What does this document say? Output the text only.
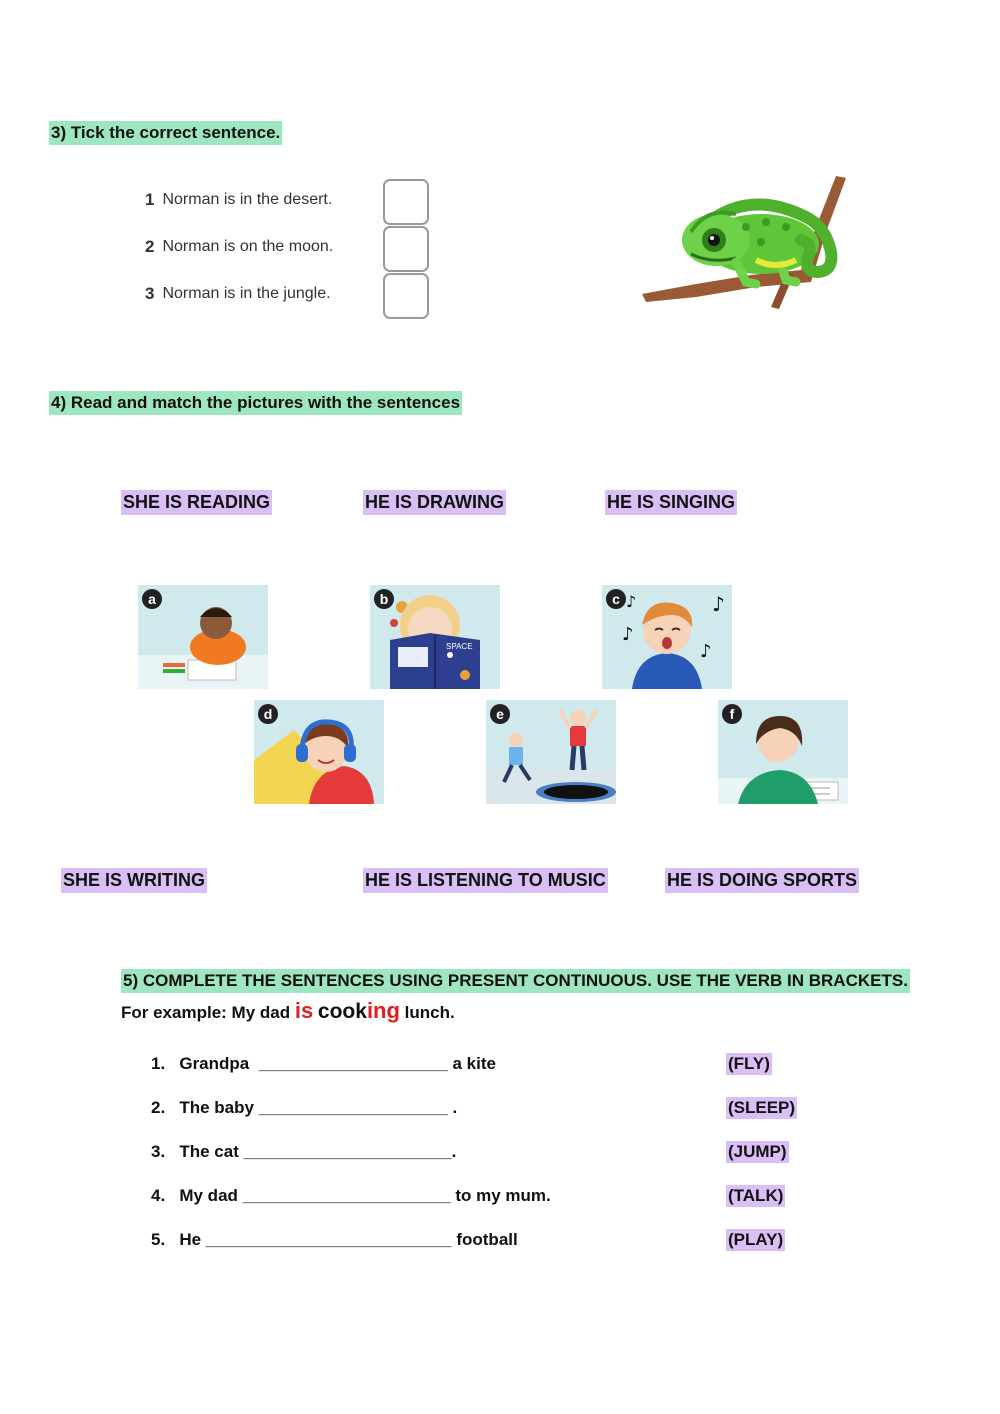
3) Tick the correct sentence.
1 Norman is in the desert.
2 Norman is on the moon.
3 Norman is in the jungle.
4) Read and match the pictures with the sentences
SHE IS READING	HE IS DRAWING	HE IS SINGING
a
SPACE
b	♪
♪
♪
♪
c
d	e	f
SHE IS WRITING	HE IS LISTENING TO MUSIC	HE IS DOING SPORTS
5) COMPLETE THE SENTENCES USING PRESENT CONTINUOUS. USE THE VERB IN BRACKETS.
For example: My dad is cooking lunch.
1.   Grandpa  ____________________ a kite	(FLY)
2.   The baby ____________________ .	(SLEEP)
3.   The cat ______________________.	(JUMP)
4.   My dad ______________________ to my mum.	(TALK)
5.   He __________________________ football	(PLAY)
